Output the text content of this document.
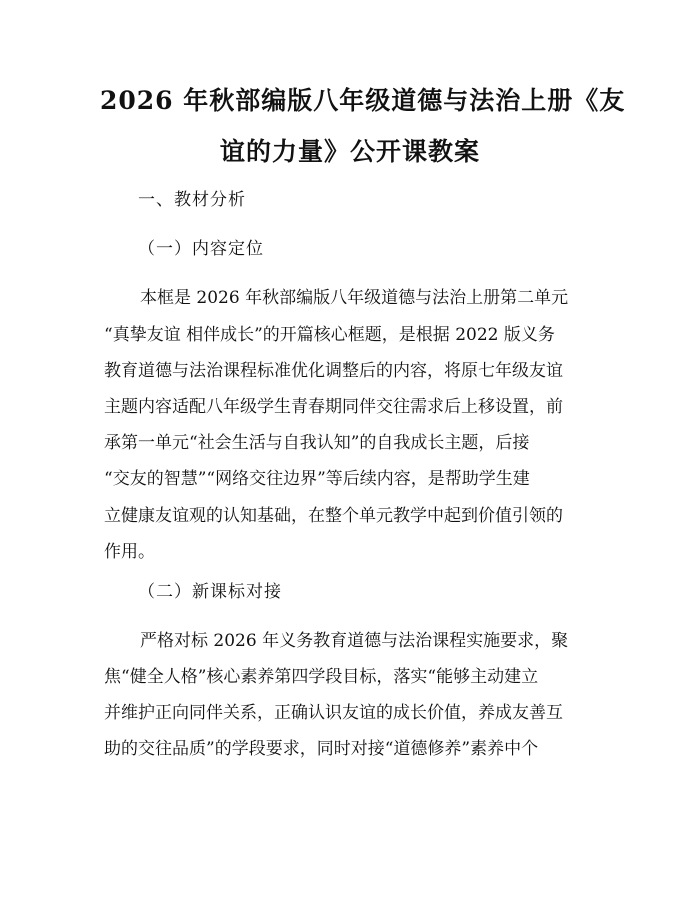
2026 年秋部编版八年级道德与法治上册《友
谊的力量》公开课教案
一、教材分析
（一）内容定位
本框是 2026 年秋部编版八年级道德与法治上册第二单元
“真挚友谊 相伴成长”的开篇核心框题，是根据 2022 版义务
教育道德与法治课程标准优化调整后的内容，将原七年级友谊
主题内容适配八年级学生青春期同伴交往需求后上移设置，前
承第一单元“社会生活与自我认知”的自我成长主题，后接
“交友的智慧”“网络交往边界”等后续内容，是帮助学生建
立健康友谊观的认知基础，在整个单元教学中起到价值引领的
作用。
（二）新课标对接
严格对标 2026 年义务教育道德与法治课程实施要求，聚
焦“健全人格”核心素养第四学段目标，落实“能够主动建立
并维护正向同伴关系，正确认识友谊的成长价值，养成友善互
助的交往品质”的学段要求，同时对接“道德修养”素养中个
